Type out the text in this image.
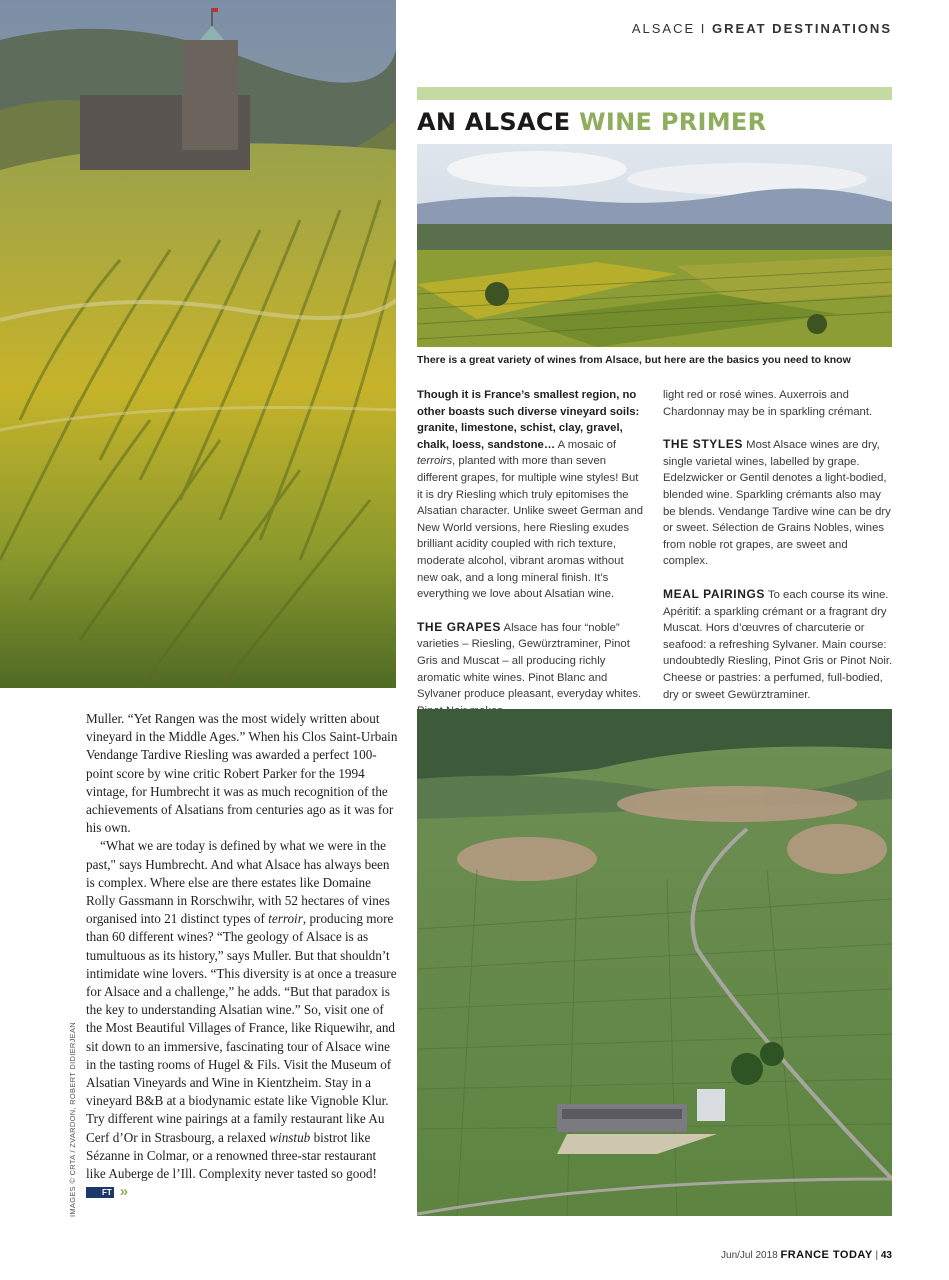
ALSACE I GREAT DESTINATIONS
AN ALSACE WINE PRIMER
There is a great variety of wines from Alsace, but here are the basics you need to know

Though it is France’s smallest region, no other boasts such diverse vineyard soils: granite, limestone, schist, clay, gravel, chalk, loess, sandstone… A mosaic of terroirs, planted with more than seven different grapes, for multiple wine styles! But it is dry Riesling which truly epitomises the Alsatian character. Unlike sweet German and New World versions, here Riesling exudes brilliant acidity coupled with rich texture, moderate alcohol, vibrant aromas without new oak, and a long mineral finish. It’s everything we love about Alsatian wine.

THE GRAPES Alsace has four “noble” varieties – Riesling, Gewürztraminer, Pinot Gris and Muscat – all producing richly aromatic white wines. Pinot Blanc and Sylvaner produce pleasant, everyday whites.

light red or rosé wines. Auxerrois and Chardonnay may be in sparkling crémant.

THE STYLES Most Alsace wines are dry, single varietal wines, labelled by grape. Edelzwicker or Gentil denotes a light-bodied, blended wine. Sparkling crémants also may be blends. Vendange Tardive wine can be dry or sweet. Sélection de Grains Nobles, wines from noble rot grapes, are sweet and complex.

MEAL PAIRINGS To each course its wine. Apéritif: a sparkling crémant or a fragrant dry Muscat. Hors d’œuvres of charcuterie or seafood: a refreshing Sylvaner. Main course: undoubtedly Riesling, Pinot Gris or Pinot Noir. Cheese or pastries: a perfumed, full-bodied, dry or sweet Gewürztraminer.

Muller. “Yet Rangen was the most widely written about vineyard in the Middle Ages.” When his Clos Saint-Urbain Vendange Tardive Riesling was awarded a perfect 100-point score by wine critic Robert Parker for the 1994 vintage, for Humbrecht it was as much recognition of the achievements of Alsatians from centuries ago as it was for his own.

“What we are today is defined by what we were in the past," says Humbrecht. And what Alsace has always been is complex. Where else are there estates like Domaine Rolly Gassmann in Rorschwihr, with 52 hectares of vines organised into 21 distinct types of terroir, producing more than 60 different wines? “The geology of Alsace is as tumultuous as its history,” says Muller. But that shouldn’t intimidate wine lovers. “This diversity is at once a treasure for Alsace and a challenge,” he adds. “But that paradox is the key to understanding Alsatian wine.” So, visit one of the Most Beautiful Villages of France, like Riquewihr, and sit down to an immersive, fascinating tour of Alsace wine in the tasting rooms of Hugel & Fils. Visit the Museum of Alsatian Vineyards and Wine in Kientzheim. Stay in a vineyard B&B at a biodynamic estate like Vignoble Klur. Try different wine pairings at a family restaurant like Au Cerf d’Or in Strasbourg, a relaxed winstub bistrot like Sézanne in Colmar, or a renowned three-star restaurant like Auberge de l’Ill. Complexity never tasted so good! FT »

IMAGES © CRTA / ZVARDON, ROBERT DIDIERJEAN
Jun/Jul 2018 FRANCE TODAY | 43
